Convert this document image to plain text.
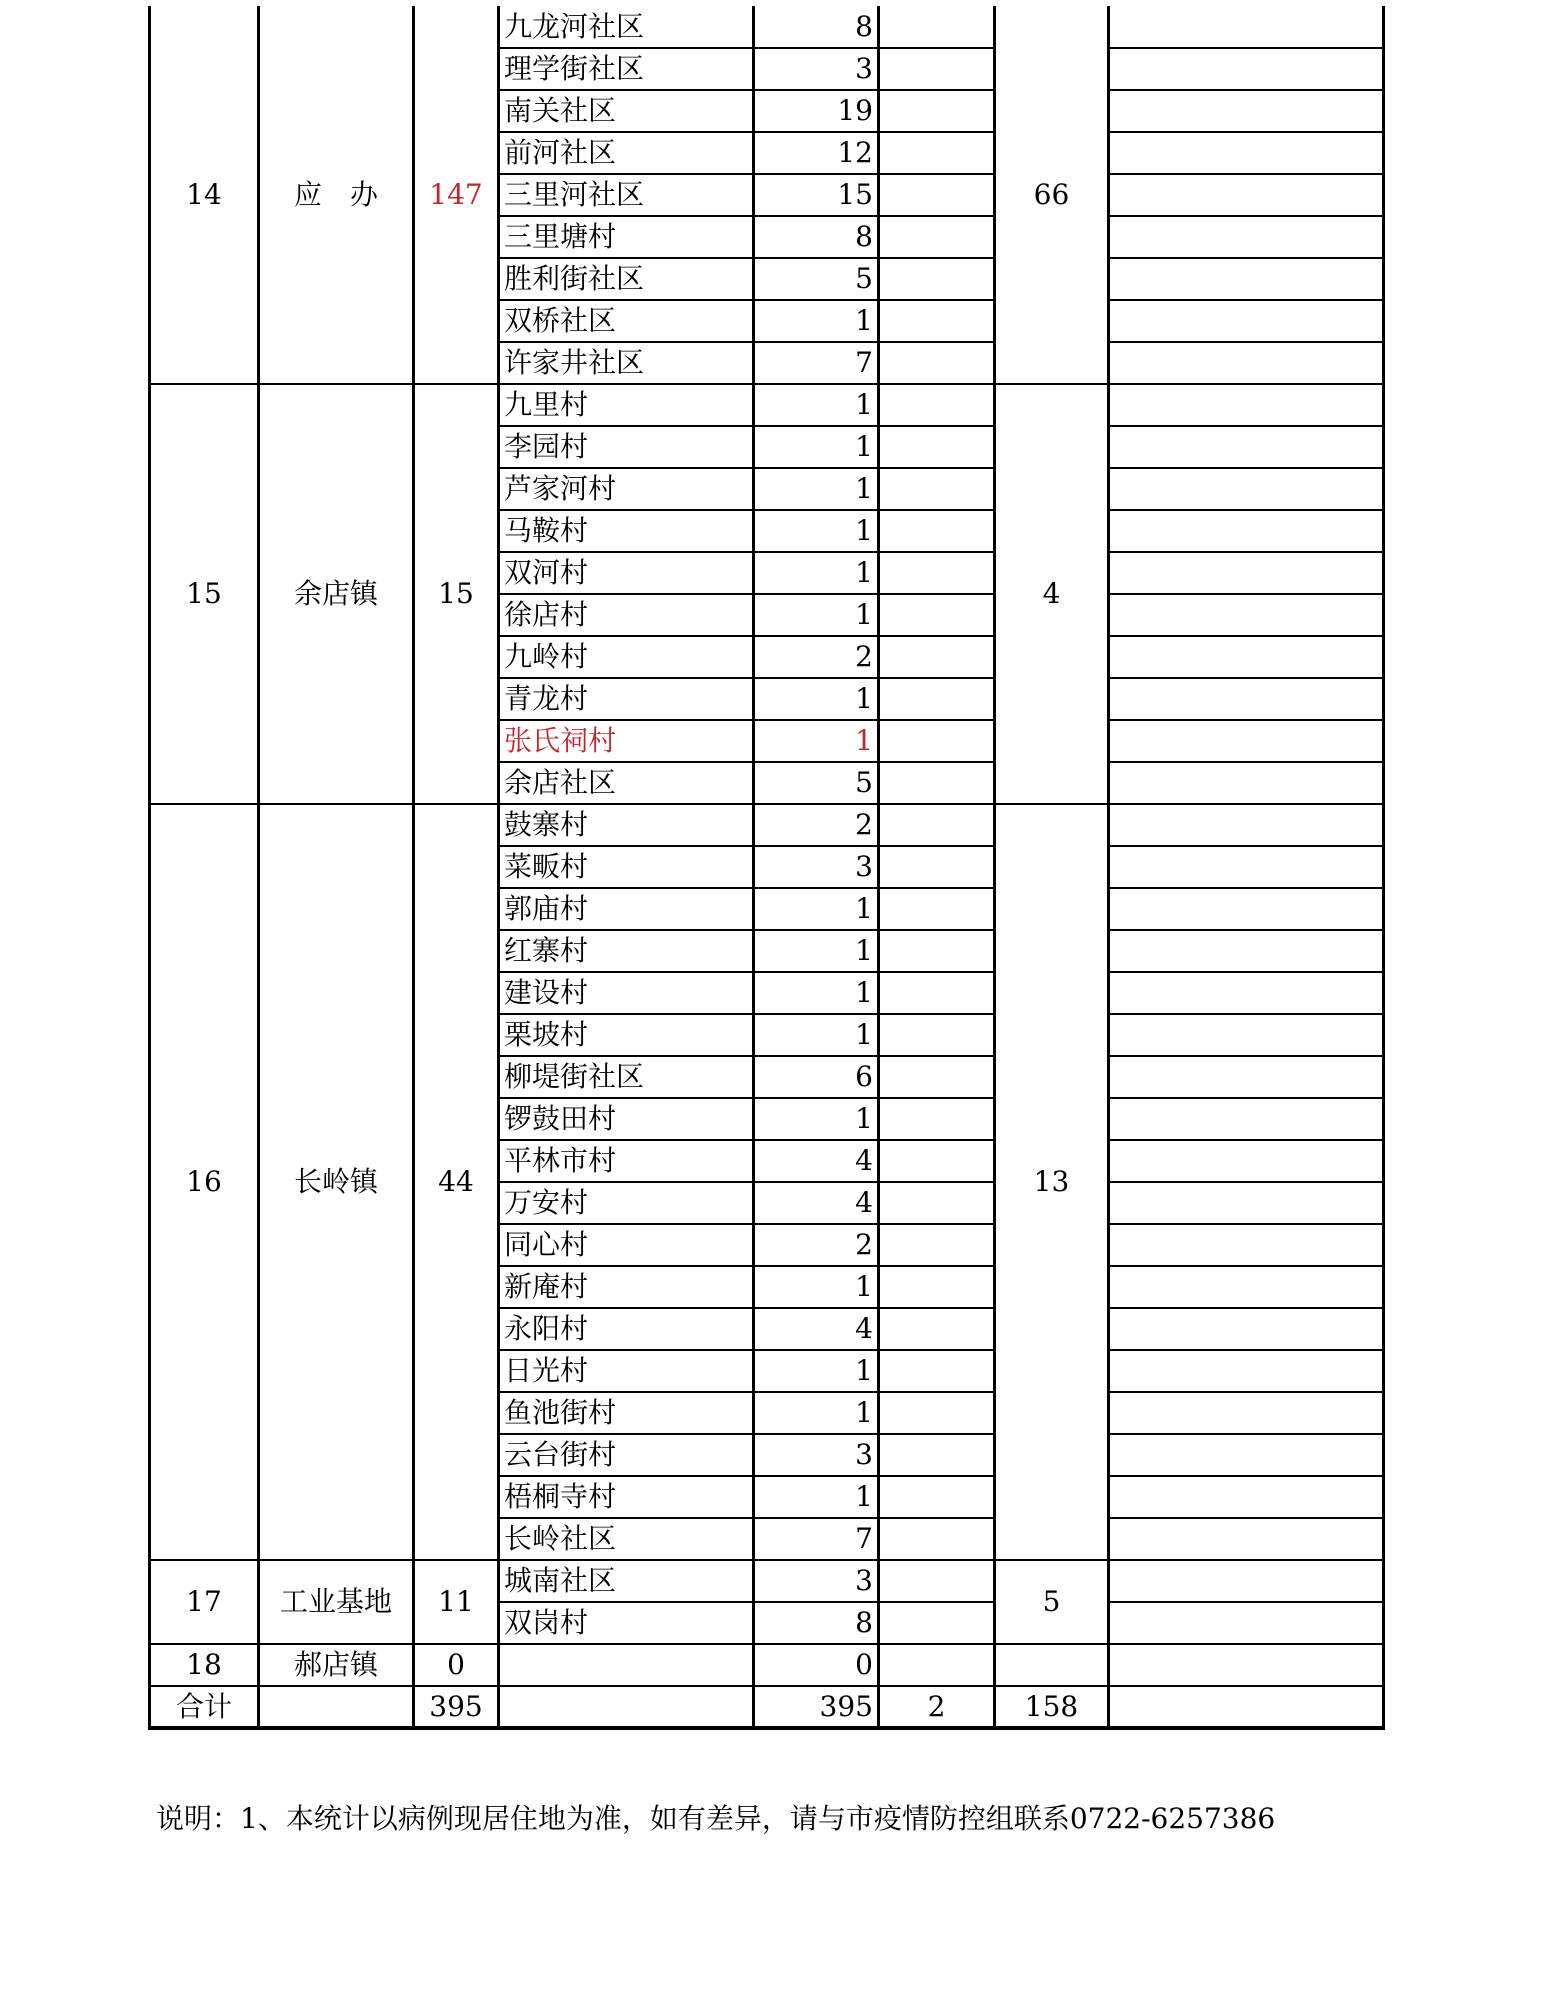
14	应　办	147	九龙河社区	8		66	
			理学街社区	3			
			南关社区	19			
			前河社区	12			
			三里河社区	15			
			三里塘村	8			
			胜利街社区	5			
			双桥社区	1			
			许家井社区	7			
15	余店镇	15	九里村	1		4	
			李园村	1			
			芦家河村	1			
			马鞍村	1			
			双河村	1			
			徐店村	1			
			九岭村	2			
			青龙村	1			
			张氏祠村	1			
			余店社区	5			
16	长岭镇	44	鼓寨村	2		13	
			菜畈村	3			
			郭庙村	1			
			红寨村	1			
			建设村	1			
			栗坡村	1			
			柳堤街社区	6			
			锣鼓田村	1			
			平林市村	4			
			万安村	4			
			同心村	2			
			新庵村	1			
			永阳村	4			
			日光村	1			
			鱼池街村	1			
			云台街村	3			
			梧桐寺村	1			
			长岭社区	7			
17	工业基地	11	城南社区	3		5	
			双岗村	8			
18	郝店镇	0		0			
合计		395		395	2	158	

说明：1、本统计以病例现居住地为准，如有差异，请与市疫情防控组联系0722-6257386
